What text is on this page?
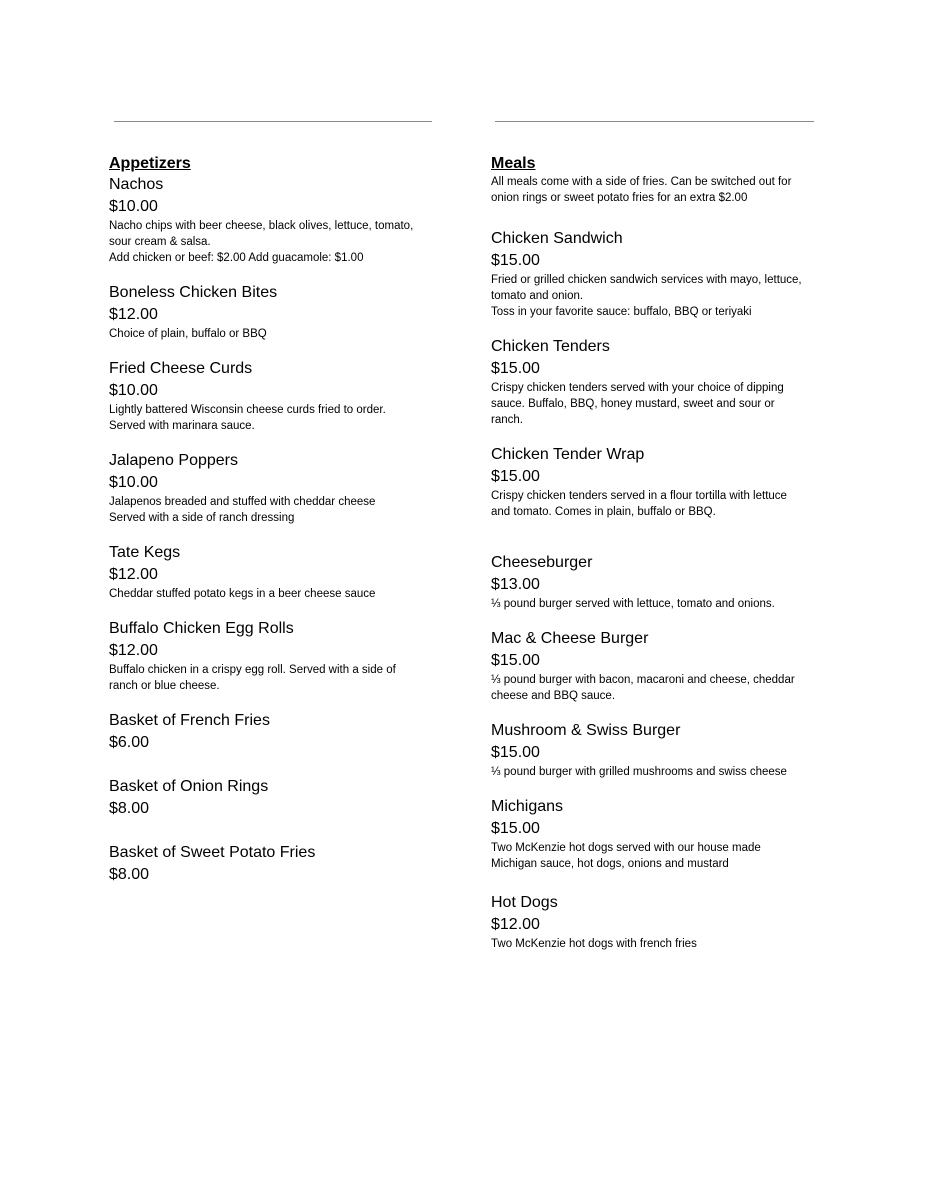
Appetizers
Nachos
$10.00
Nacho chips with beer cheese, black olives, lettuce, tomato,
sour cream & salsa.
Add chicken or beef: $2.00 Add guacamole: $1.00
Boneless Chicken Bites
$12.00
Choice of plain, buffalo or BBQ
Fried Cheese Curds
$10.00
Lightly battered Wisconsin cheese curds fried to order.
Served with marinara sauce.
Jalapeno Poppers
$10.00
Jalapenos breaded and stuffed with cheddar cheese
Served with a side of ranch dressing
Tate Kegs
$12.00
Cheddar stuffed potato kegs in a beer cheese sauce
Buffalo Chicken Egg Rolls
$12.00
Buffalo chicken in a crispy egg roll. Served with a side of
ranch or blue cheese.
Basket of French Fries
$6.00
Basket of Onion Rings
$8.00
Basket of Sweet Potato Fries
$8.00
Meals
All meals come with a side of fries. Can be switched out for
onion rings or sweet potato fries for an extra $2.00
Chicken Sandwich
$15.00
Fried or grilled chicken sandwich services with mayo, lettuce,
tomato and onion.
Toss in your favorite sauce: buffalo, BBQ or teriyaki
Chicken Tenders
$15.00
Crispy chicken tenders served with your choice of dipping
sauce. Buffalo, BBQ, honey mustard, sweet and sour or
ranch.
Chicken Tender Wrap
$15.00
Crispy chicken tenders served in a flour tortilla with lettuce
and tomato. Comes in plain, buffalo or BBQ.
Cheeseburger
$13.00
⅓ pound burger served with lettuce, tomato and onions.
Mac & Cheese Burger
$15.00
⅓ pound burger with bacon, macaroni and cheese, cheddar
cheese and BBQ sauce.
Mushroom & Swiss Burger
$15.00
⅓ pound burger with grilled mushrooms and swiss cheese
Michigans
$15.00
Two McKenzie hot dogs served with our house made
Michigan sauce, hot dogs, onions and mustard
Hot Dogs
$12.00
Two McKenzie hot dogs with french fries
